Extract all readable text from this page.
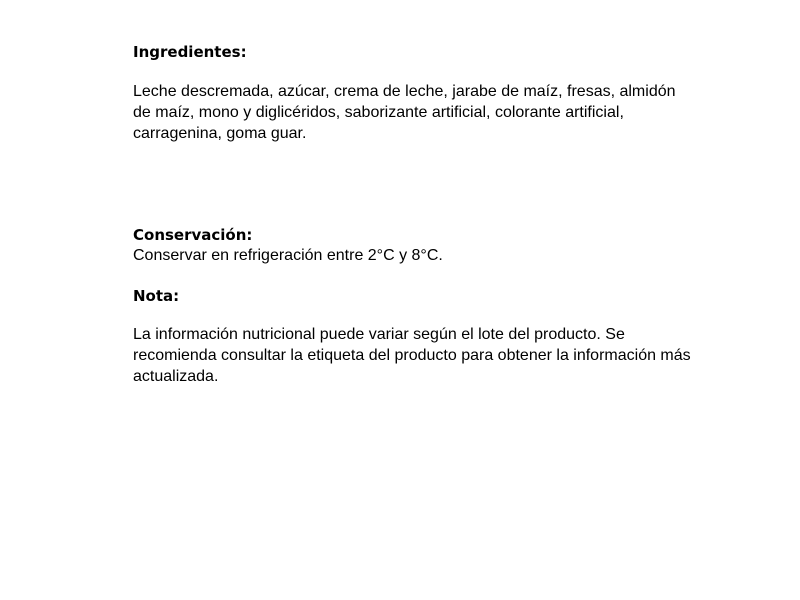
Ingredientes:

Leche descremada, azúcar, crema de leche, jarabe de maíz, fresas, almidón de maíz, mono y diglicéridos, saborizante artificial, colorante artificial, carragenina, goma guar.

Conservación:

Conservar en refrigeración entre 2°C y 8°C.

Nota:

La información nutricional puede variar según el lote del producto. Se recomienda consultar la etiqueta del producto para obtener la información más actualizada.
